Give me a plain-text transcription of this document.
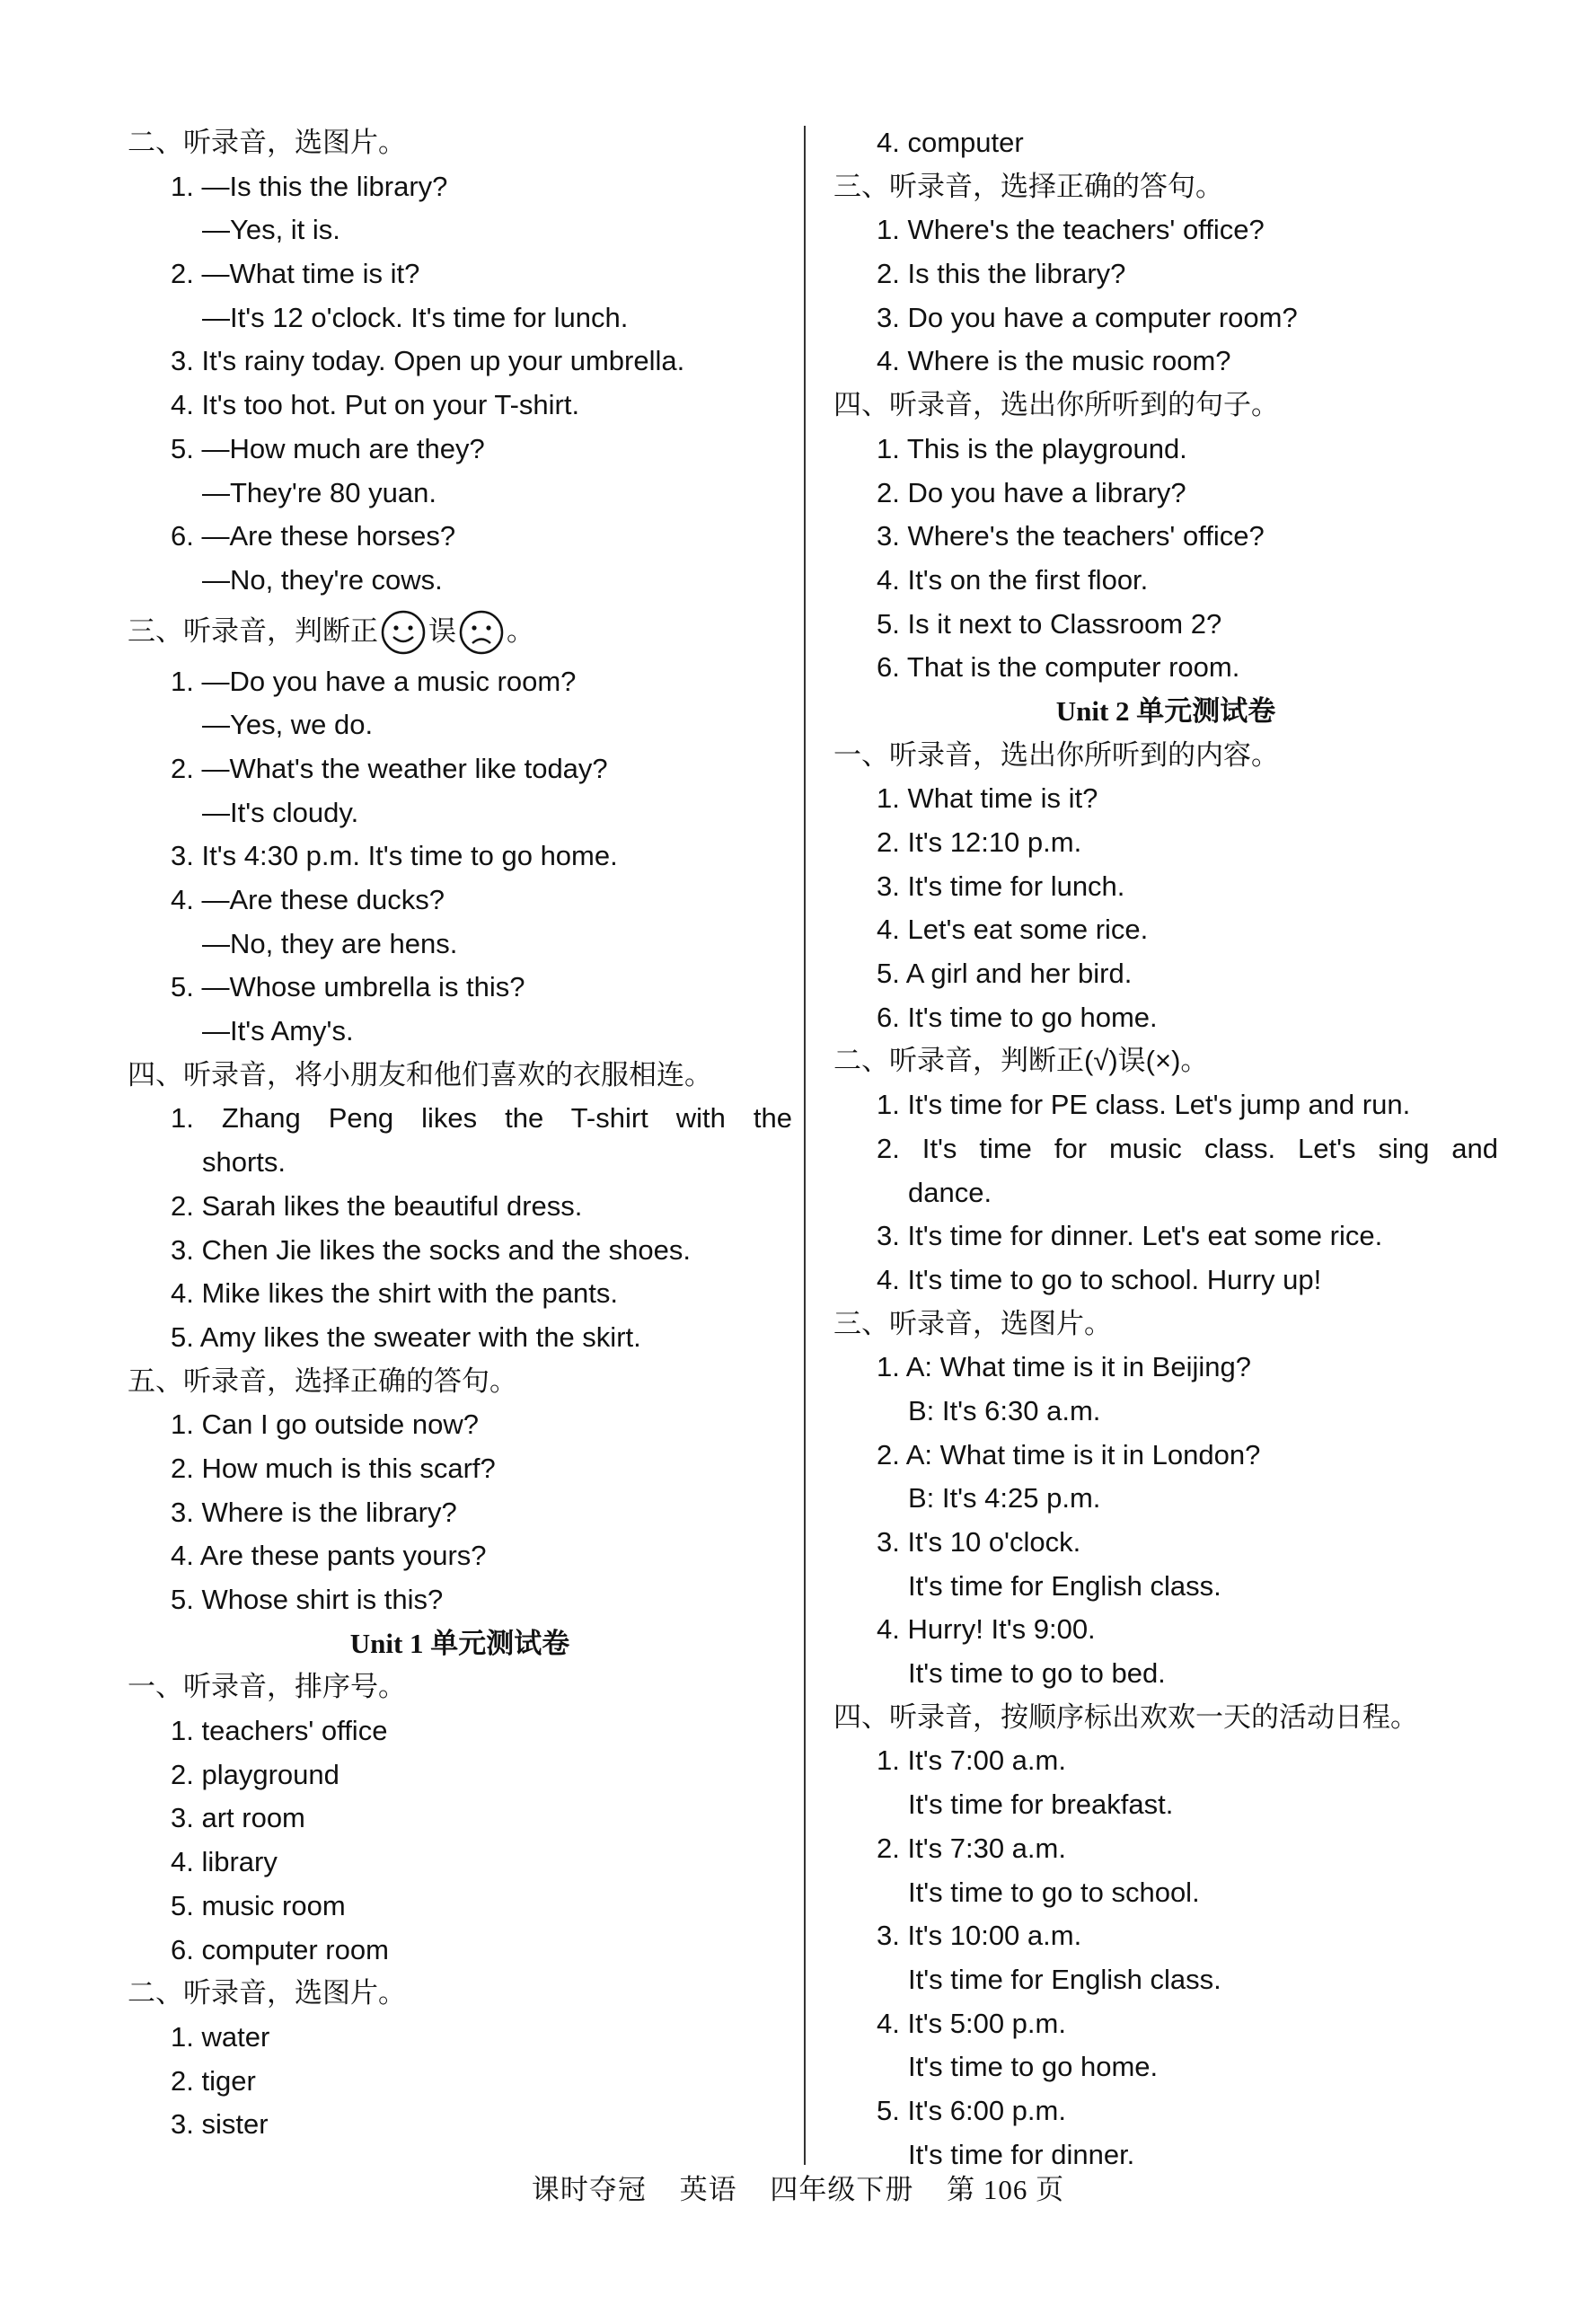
二、听录音，选图片。
1. —Is this the library?
—Yes, it is.
2. —What time is it?
—It's 12 o'clock. It's time for lunch.
3. It's rainy today. Open up your umbrella.
4. It's too hot. Put on your T-shirt.
5. —How much are they?
—They're 80 yuan.
6. —Are these horses?
—No, they're cows.
三、听录音，判断正 误 。
1. —Do you have a music room?
—Yes, we do.
2. —What's the weather like today?
—It's cloudy.
3. It's 4:30 p.m. It's time to go home.
4. —Are these ducks?
—No, they are hens.
5. —Whose umbrella is this?
—It's Amy's.
四、听录音，将小朋友和他们喜欢的衣服相连。
1. Zhang Peng likes the T-shirt with the
shorts.
2. Sarah likes the beautiful dress.
3. Chen Jie likes the socks and the shoes.
4. Mike likes the shirt with the pants.
5. Amy likes the sweater with the skirt.
五、听录音，选择正确的答句。
1. Can I go outside now?
2. How much is this scarf?
3. Where is the library?
4. Are these pants yours?
5. Whose shirt is this?
Unit 1 单元测试卷
一、听录音，排序号。
1. teachers' office
2. playground
3. art room
4. library
5. music room
6. computer room
二、听录音，选图片。
1. water
2. tiger
3. sister
4. computer
三、听录音，选择正确的答句。
1. Where's the teachers' office?
2. Is this the library?
3. Do you have a computer room?
4. Where is the music room?
四、听录音，选出你所听到的句子。
1. This is the playground.
2. Do you have a library?
3. Where's the teachers' office?
4. It's on the first floor.
5. Is it next to Classroom 2?
6. That is the computer room.
Unit 2 单元测试卷
一、听录音，选出你所听到的内容。
1. What time is it?
2. It's 12:10 p.m.
3. It's time for lunch.
4. Let's eat some rice.
5. A girl and her bird.
6. It's time to go home.
二、听录音，判断正(√)误(×)。
1. It's time for PE class. Let's jump and run.
2. It's time for music class. Let's sing and
dance.
3. It's time for dinner. Let's eat some rice.
4. It's time to go to school. Hurry up!
三、听录音，选图片。
1. A: What time is it in Beijing?
B: It's 6:30 a.m.
2. A: What time is it in London?
B: It's 4:25 p.m.
3. It's 10 o'clock.
It's time for English class.
4. Hurry! It's 9:00.
It's time to go to bed.
四、听录音，按顺序标出欢欢一天的活动日程。
1. It's 7:00 a.m.
It's time for breakfast.
2. It's 7:30 a.m.
It's time to go to school.
3. It's 10:00 a.m.
It's time for English class.
4. It's 5:00 p.m.
It's time to go home.
5. It's 6:00 p.m.
It's time for dinner.
课时夺冠 英语 四年级下册 第 106 页
